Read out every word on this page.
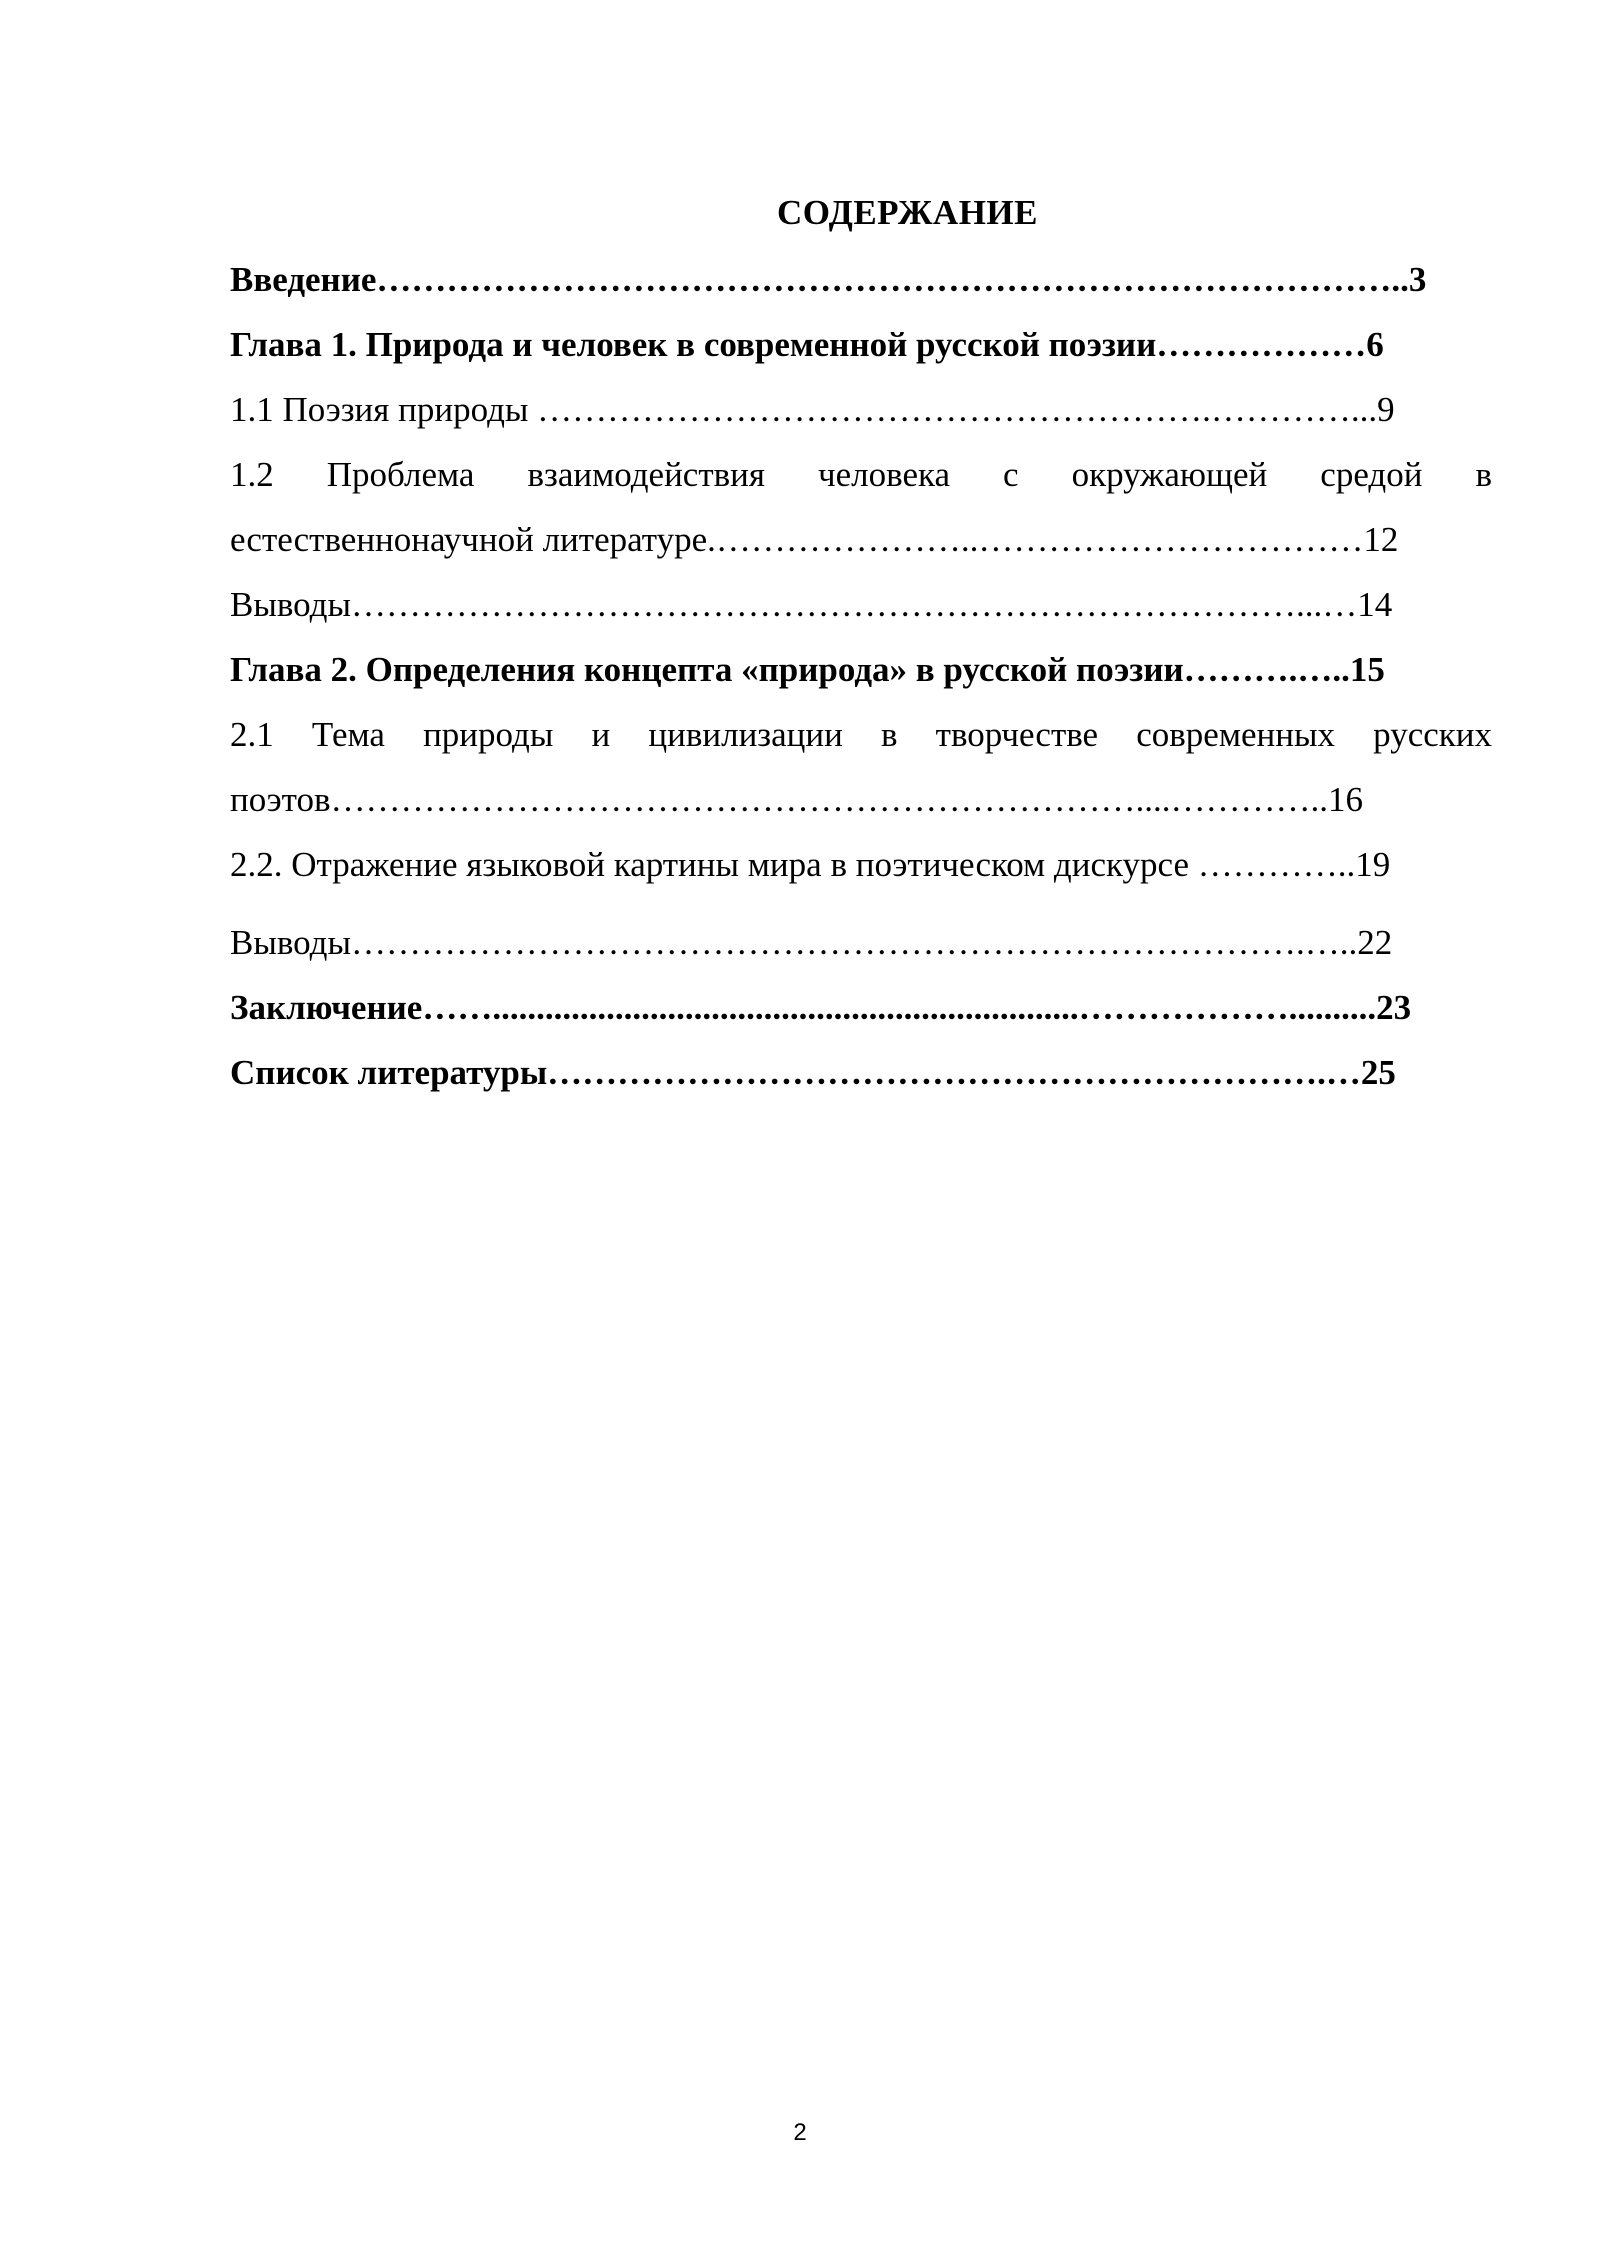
СОДЕРЖАНИЕ
Введение……………………………………………………………………………..3
Глава 1. Природа и человек в современной русской поэзии………………6
1.1 Поэзия природы ………………………………………………….…………...9
1.2 Проблема взаимодействия человека с окружающей средой в
естественнонаучной литературе.…………………..……………………………12
Выводы………………………………………………………………………...…14
Глава 2. Определения концепта «природа» в русской поэзии……….…..15
2.1 Тема природы и цивилизации в творчестве современных русских
поэтов……………………………………………………………....…………..16
2.2. Отражение языковой картины мира в поэтическом дискурсе …………..19
Выводы……………………………………………………………………….…..22
Заключение……...................................................................………………..........23
Список литературы………………………………………………………….…25
2
